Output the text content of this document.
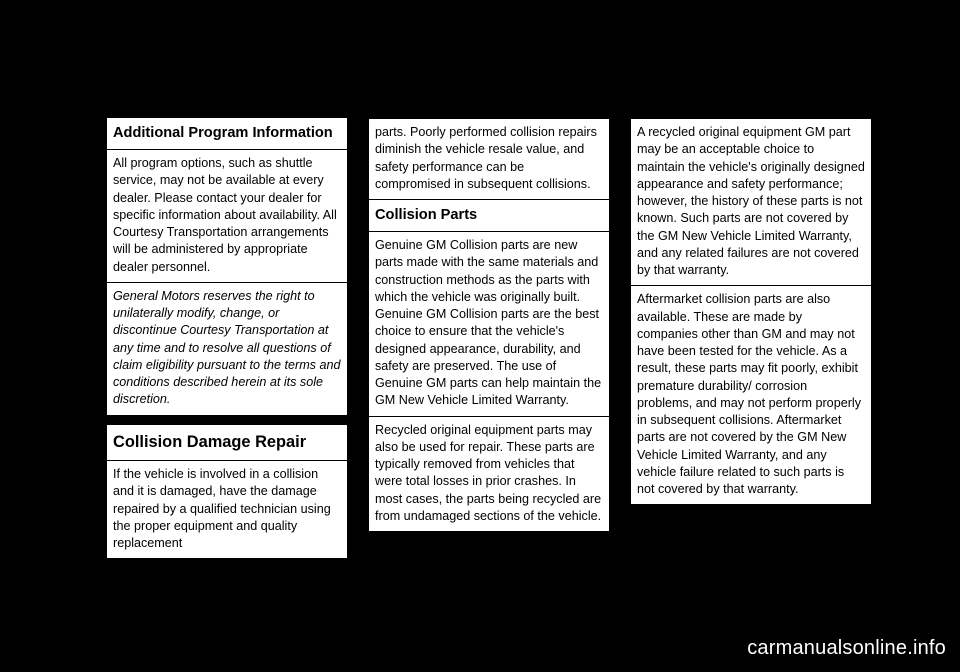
Additional Program Information
All program options, such as shuttle service, may not be available at every dealer. Please contact your dealer for specific information about availability. All Courtesy Transportation arrangements will be administered by appropriate dealer personnel.
General Motors reserves the right to unilaterally modify, change, or discontinue Courtesy Transportation at any time and to resolve all questions of claim eligibility pursuant to the terms and conditions described herein at its sole discretion.
Collision Damage Repair
If the vehicle is involved in a collision and it is damaged, have the damage repaired by a qualified technician using the proper equipment and quality replacement
parts. Poorly performed collision repairs diminish the vehicle resale value, and safety performance can be compromised in subsequent collisions.
Collision Parts
Genuine GM Collision parts are new parts made with the same materials and construction methods as the parts with which the vehicle was originally built. Genuine GM Collision parts are the best choice to ensure that the vehicle's designed appearance, durability, and safety are preserved. The use of Genuine GM parts can help maintain the GM New Vehicle Limited Warranty.
Recycled original equipment parts may also be used for repair. These parts are typically removed from vehicles that were total losses in prior crashes. In most cases, the parts being recycled are from undamaged sections of the vehicle.
A recycled original equipment GM part may be an acceptable choice to maintain the vehicle's originally designed appearance and safety performance; however, the history of these parts is not known. Such parts are not covered by the GM New Vehicle Limited Warranty, and any related failures are not covered by that warranty.
Aftermarket collision parts are also available. These are made by companies other than GM and may not have been tested for the vehicle. As a result, these parts may fit poorly, exhibit premature durability/ corrosion problems, and may not perform properly in subsequent collisions. Aftermarket parts are not covered by the GM New Vehicle Limited Warranty, and any vehicle failure related to such parts is not covered by that warranty.
carmanualsonline.info
